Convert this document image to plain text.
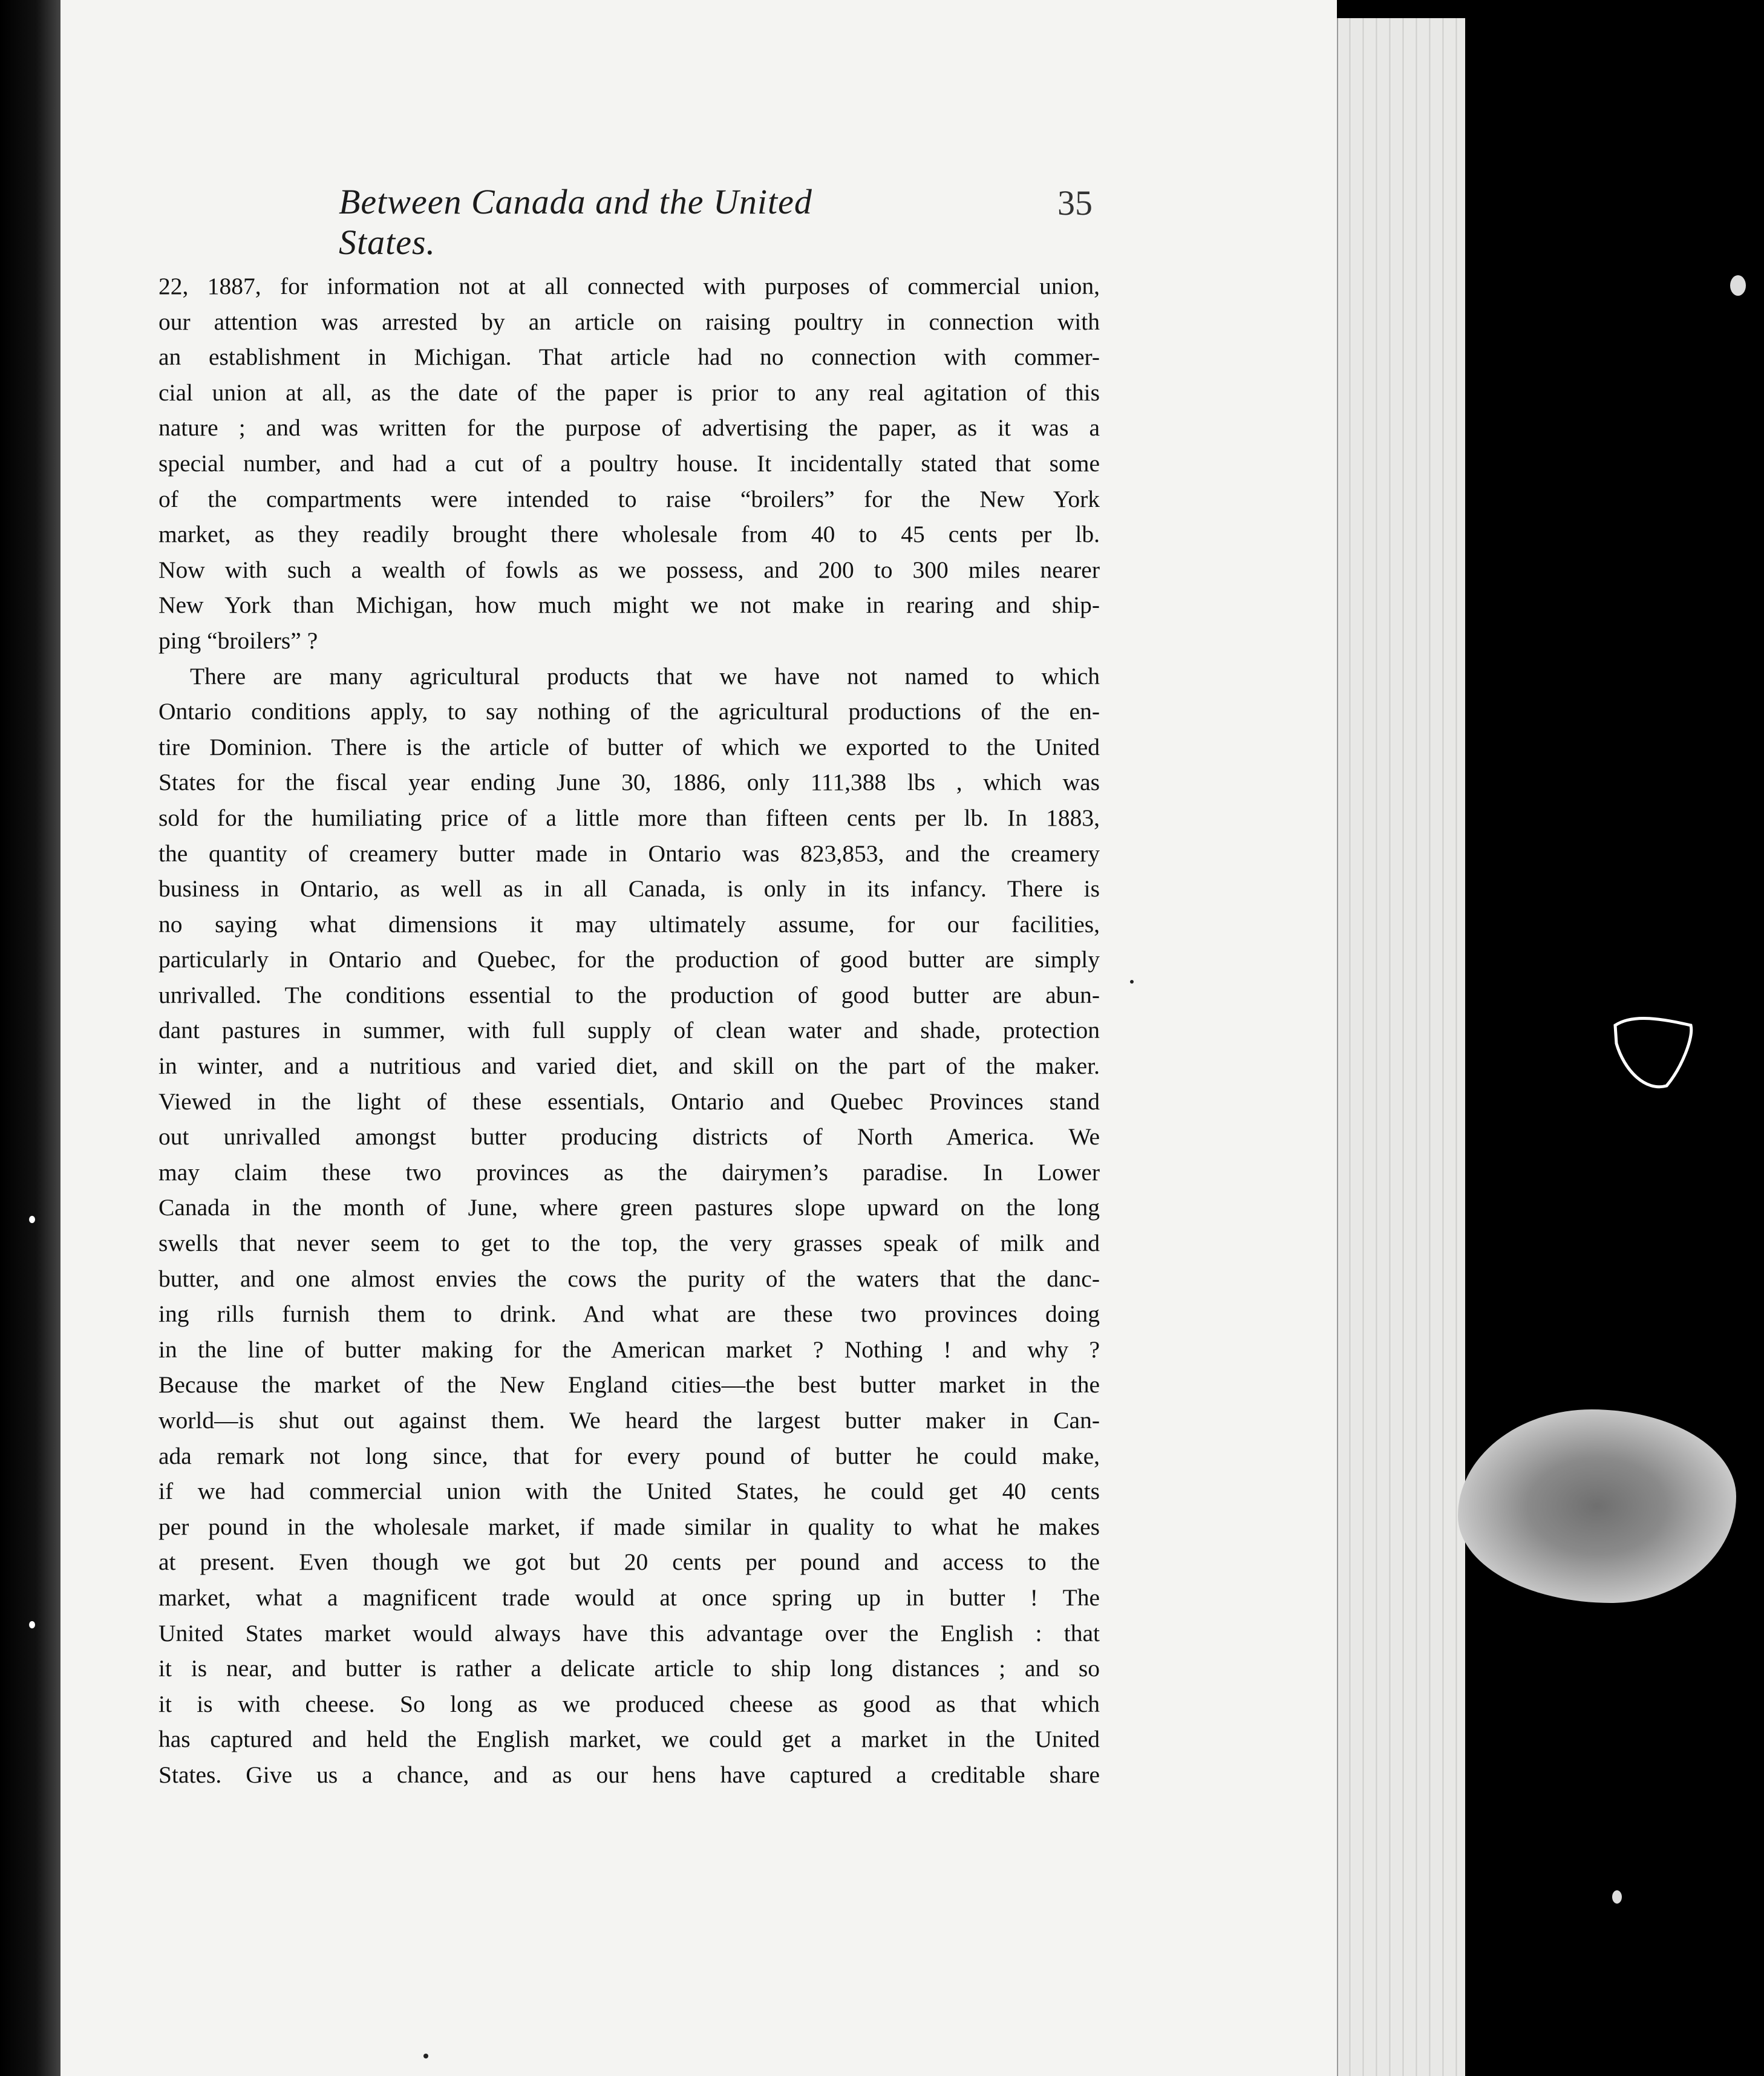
Between Canada and the United States.
35
22, 1887, for information not at all connected with purposes of commercial union,
our attention was arrested by an article on raising poultry in connection with
an establishment in Michigan. That article had no connection with commer-
cial union at all, as the date of the paper is prior to any real agitation of this
nature ; and was written for the purpose of advertising the paper, as it was a
special number, and had a cut of a poultry house. It incidentally stated that some
of the compartments were intended to raise “broilers” for the New York
market, as they readily brought there wholesale from 40 to 45 cents per lb.
Now with such a wealth of fowls as we possess, and 200 to 300 miles nearer
New York than Michigan, how much might we not make in rearing and ship-
ping “broilers” ?
There are many agricultural products that we have not named to which
Ontario conditions apply, to say nothing of the agricultural productions of the en-
tire Dominion. There is the article of butter of which we exported to the United
States for the fiscal year ending June 30, 1886, only 111,388 lbs , which was
sold for the humiliating price of a little more than fifteen cents per lb. In 1883,
the quantity of creamery butter made in Ontario was 823,853, and the creamery
business in Ontario, as well as in all Canada, is only in its infancy. There is
no saying what dimensions it may ultimately assume, for our facilities,
particularly in Ontario and Quebec, for the production of good butter are simply
unrivalled. The conditions essential to the production of good butter are abun-
dant pastures in summer, with full supply of clean water and shade, protection
in winter, and a nutritious and varied diet, and skill on the part of the maker.
Viewed in the light of these essentials, Ontario and Quebec Provinces stand
out unrivalled amongst butter producing districts of North America. We
may claim these two provinces as the dairymen’s paradise. In Lower
Canada in the month of June, where green pastures slope upward on the long
swells that never seem to get to the top, the very grasses speak of milk and
butter, and one almost envies the cows the purity of the waters that the danc-
ing rills furnish them to drink. And what are these two provinces doing
in the line of butter making for the American market ? Nothing ! and why ?
Because the market of the New England cities—the best butter market in the
world—is shut out against them. We heard the largest butter maker in Can-
ada remark not long since, that for every pound of butter he could make,
if we had commercial union with the United States, he could get 40 cents
per pound in the wholesale market, if made similar in quality to what he makes
at present. Even though we got but 20 cents per pound and access to the
market, what a magnificent trade would at once spring up in butter ! The
United States market would always have this advantage over the English : that
it is near, and butter is rather a delicate article to ship long distances ; and so
it is with cheese. So long as we produced cheese as good as that which
has captured and held the English market, we could get a market in the United
States. Give us a chance, and as our hens have captured a creditable share
